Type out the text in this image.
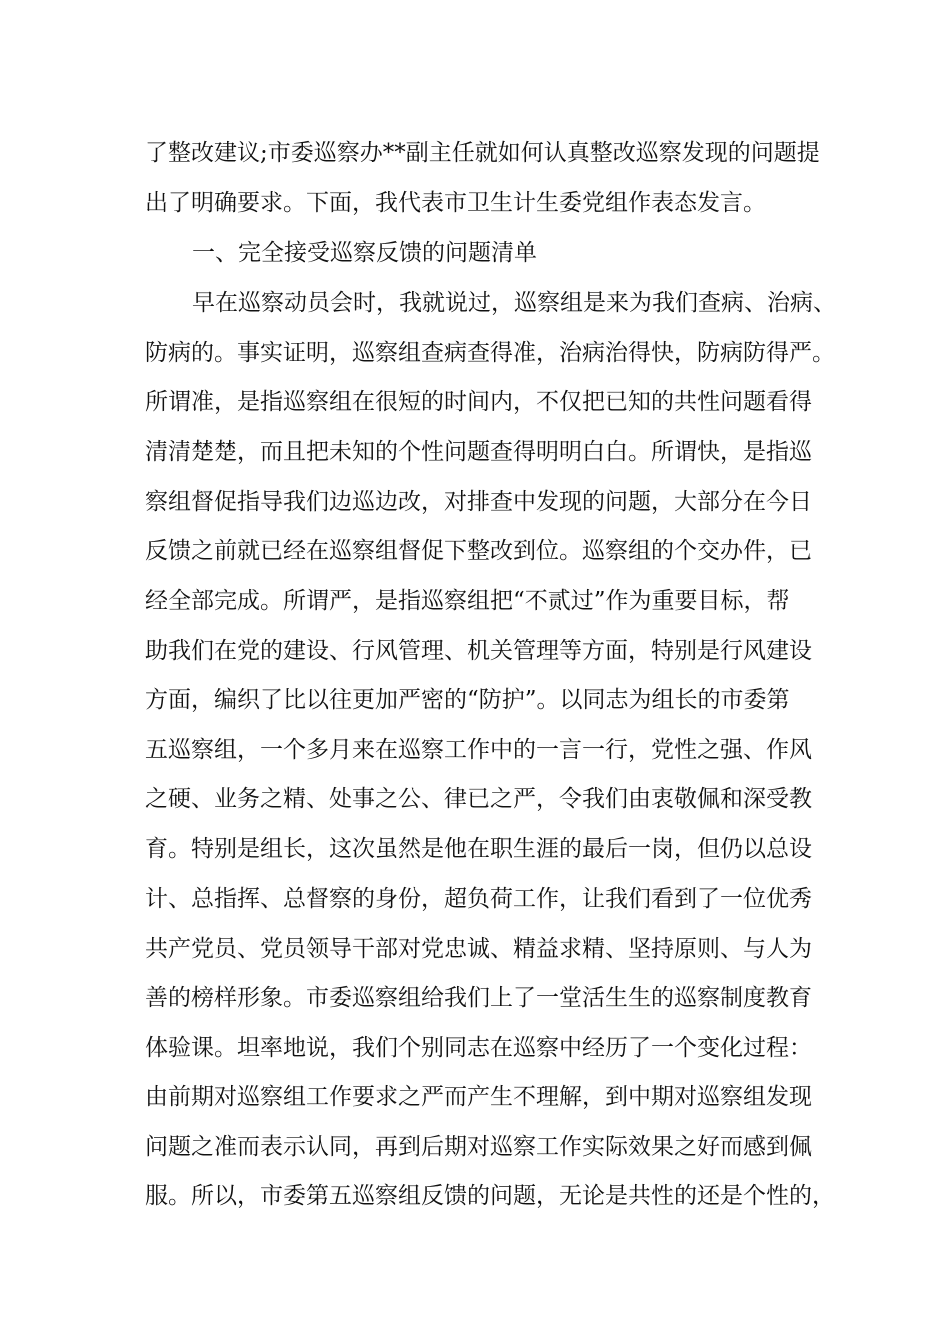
了整改建议;市委巡察办**副主任就如何认真整改巡察发现的问题提
出了明确要求。下面，我代表市卫生计生委党组作表态发言。
一、完全接受巡察反馈的问题清单
早在巡察动员会时，我就说过，巡察组是来为我们查病、治病、
防病的。事实证明，巡察组查病查得准，治病治得快，防病防得严。
所谓准，是指巡察组在很短的时间内，不仅把已知的共性问题看得
清清楚楚，而且把未知的个性问题查得明明白白。所谓快，是指巡
察组督促指导我们边巡边改，对排查中发现的问题，大部分在今日
反馈之前就已经在巡察组督促下整改到位。巡察组的个交办件，已
经全部完成。所谓严，是指巡察组把“不贰过”作为重要目标，帮
助我们在党的建设、行风管理、机关管理等方面，特别是行风建设
方面，编织了比以往更加严密的“防护”。以同志为组长的市委第
五巡察组，一个多月来在巡察工作中的一言一行，党性之强、作风
之硬、业务之精、处事之公、律已之严，令我们由衷敬佩和深受教
育。特别是组长，这次虽然是他在职生涯的最后一岗，但仍以总设
计、总指挥、总督察的身份，超负荷工作，让我们看到了一位优秀
共产党员、党员领导干部对党忠诚、精益求精、坚持原则、与人为
善的榜样形象。市委巡察组给我们上了一堂活生生的巡察制度教育
体验课。坦率地说，我们个别同志在巡察中经历了一个变化过程：
由前期对巡察组工作要求之严而产生不理解，到中期对巡察组发现
问题之准而表示认同，再到后期对巡察工作实际效果之好而感到佩
服。所以，市委第五巡察组反馈的问题，无论是共性的还是个性的，
